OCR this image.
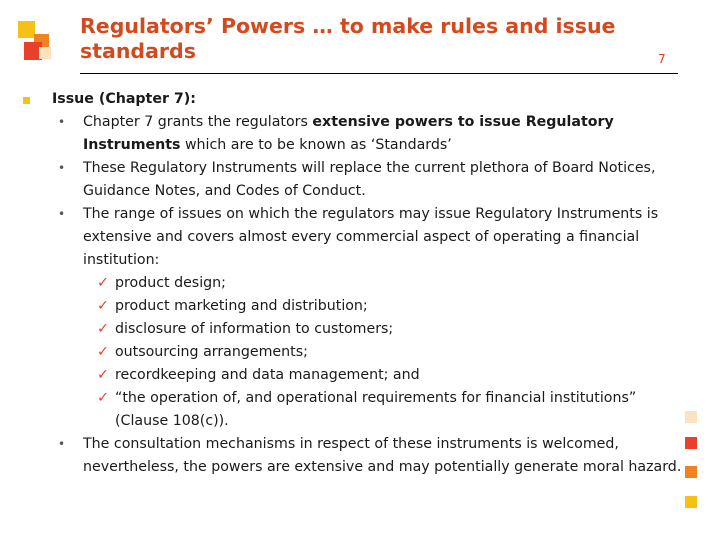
Regulators’ Powers … to make rules and issue standards	7
Issue (Chapter 7):
• Chapter 7 grants the regulators extensive powers to issue Regulatory Instruments which are to be known as ‘Standards’
• These Regulatory Instruments will replace the current plethora of Board Notices, Guidance Notes, and Codes of Conduct.
• The range of issues on which the regulators may issue Regulatory Instruments is extensive and covers almost every commercial aspect of operating a financial institution:
✓ product design;
✓ product marketing and distribution;
✓ disclosure of information to customers;
✓ outsourcing arrangements;
✓ recordkeeping and data management; and
✓ “the operation of, and operational requirements for financial institutions” (Clause 108(c)).
• The consultation mechanisms in respect of these instruments is welcomed, nevertheless, the powers are extensive and may potentially generate moral hazard.
